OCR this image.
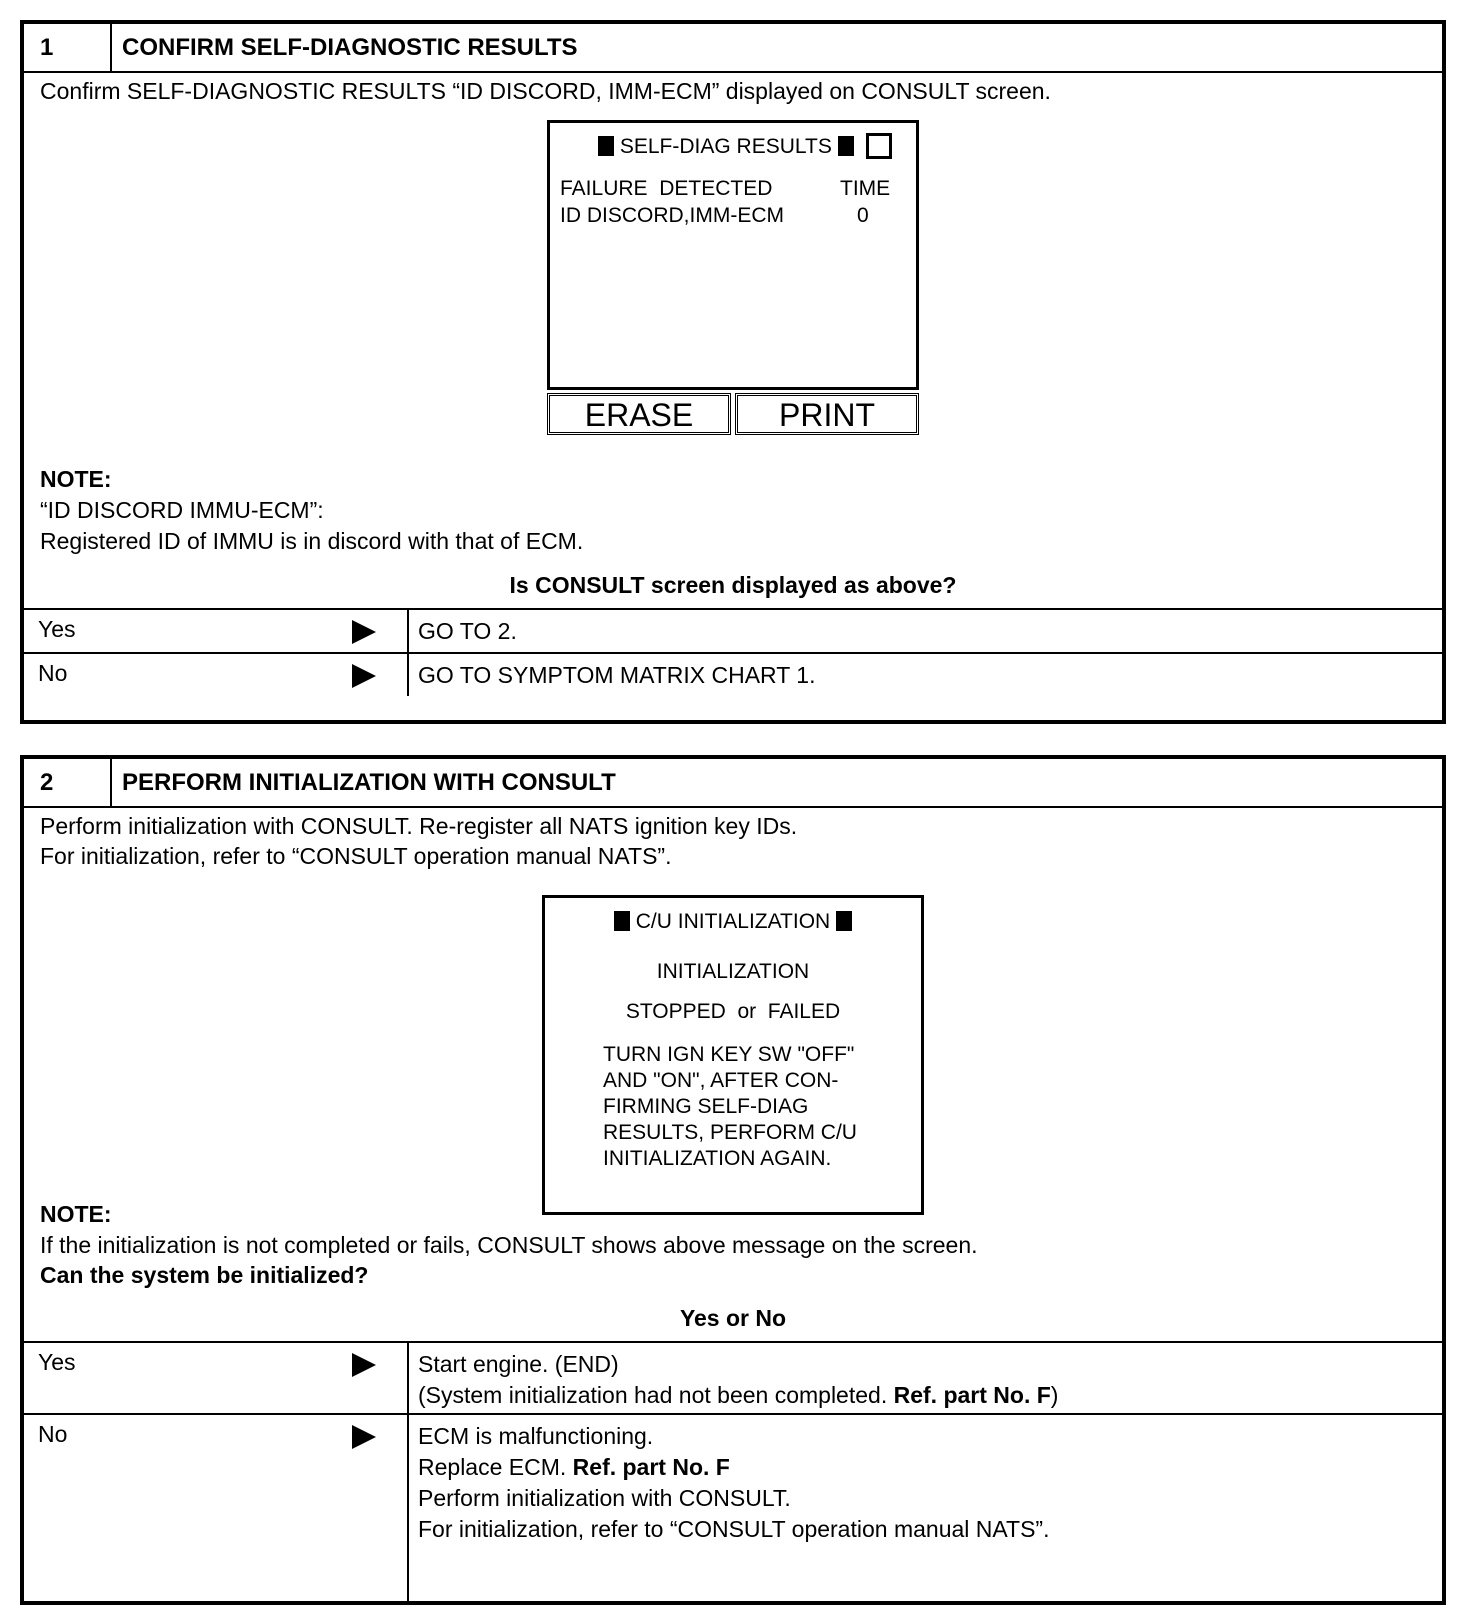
1	CONFIRM SELF-DIAGNOSTIC RESULTS
Confirm SELF-DIAGNOSTIC RESULTS “ID DISCORD, IMM-ECM” displayed on CONSULT screen.
SELF-DIAG RESULTS
FAILURE  DETECTED	TIME
ID DISCORD,IMM-ECM	0
ERASE	PRINT
NOTE:
“ID DISCORD IMMU-ECM”:
Registered ID of IMMU is in discord with that of ECM.
Is CONSULT screen displayed as above?
Yes	GO TO 2.
No	GO TO SYMPTOM MATRIX CHART 1.
2	PERFORM INITIALIZATION WITH CONSULT
Perform initialization with CONSULT. Re-register all NATS ignition key IDs.
For initialization, refer to “CONSULT operation manual NATS”.
C/U INITIALIZATION
INITIALIZATION
STOPPED  or  FAILED
TURN IGN KEY SW "OFF"
AND "ON", AFTER CON-
FIRMING SELF-DIAG
RESULTS, PERFORM C/U
INITIALIZATION AGAIN.
NOTE:
If the initialization is not completed or fails, CONSULT shows above message on the screen.
Can the system be initialized?
Yes or No
Yes	Start engine. (END)
(System initialization had not been completed. Ref. part No. F)
No	ECM is malfunctioning.
Replace ECM. Ref. part No. F
Perform initialization with CONSULT.
For initialization, refer to “CONSULT operation manual NATS”.
